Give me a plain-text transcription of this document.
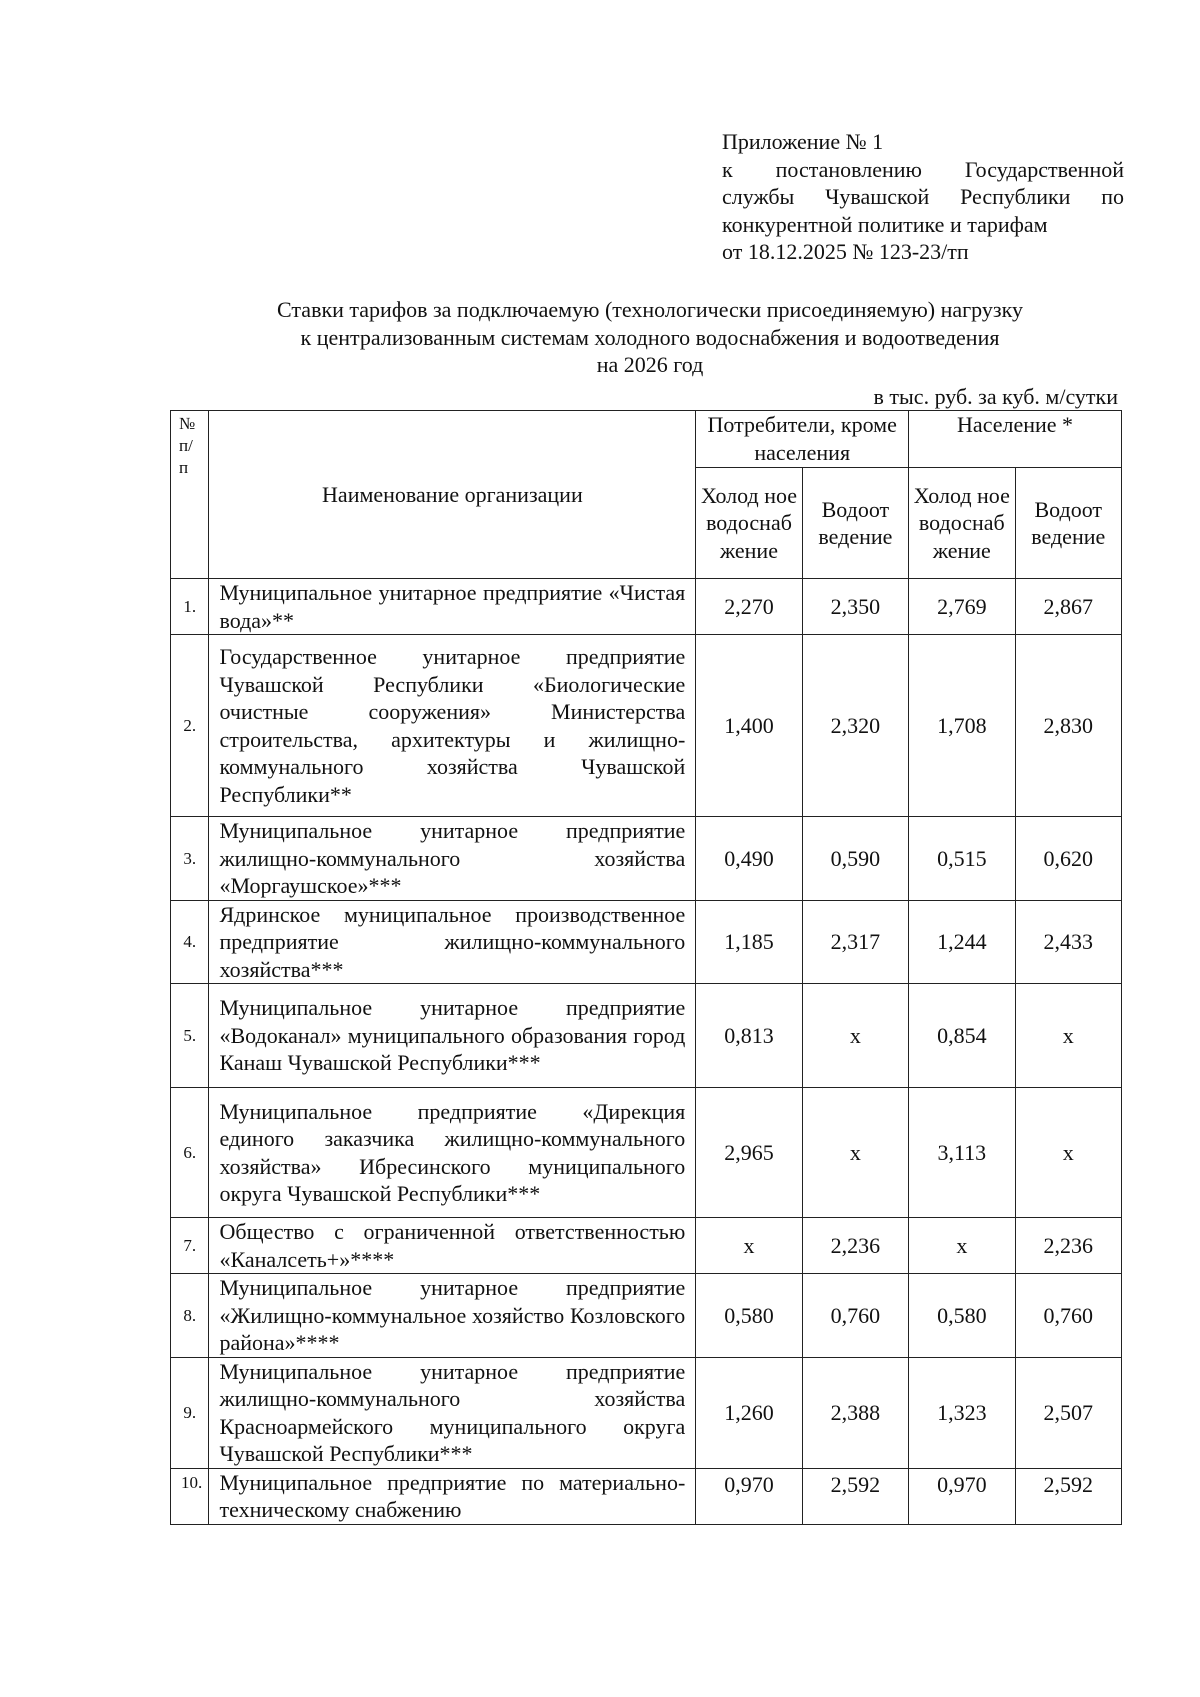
Приложение № 1
к постановлению Государственной службы Чувашской Республики по конкурентной политике и тарифам
от 18.12.2025 № 123-23/тп
Ставки тарифов за подключаемую (технологически присоединяемую) нагрузку
к централизованным системам холодного водоснабжения и водоотведения
на 2026 год
в тыс. руб. за куб. м/сутки
№ п/п	Наименование организации	Потребители, кроме населения		Население *	
		Холод ное водоснаб жение	Водоот ведение	Холод ное водоснаб жение	Водоот ведение
1.	Муниципальное унитарное предприятие «Чистая вода»**	2,270	2,350	2,769	2,867
2.	Государственное унитарное предприятие Чувашской Республики «Биологические очистные сооружения» Министерства строительства, архитектуры и жилищно-коммунального хозяйства Чувашской Республики**	1,400	2,320	1,708	2,830
3.	Муниципальное унитарное предприятие жилищно-коммунального хозяйства «Моргаушское»***	0,490	0,590	0,515	0,620
4.	Ядринское муниципальное производственное предприятие жилищно-коммунального хозяйства***	1,185	2,317	1,244	2,433
5.	Муниципальное унитарное предприятие «Водоканал» муниципального образования город Канаш Чувашской Республики***	0,813	х	0,854	х
6.	Муниципальное предприятие «Дирекция единого заказчика жилищно-коммунального хозяйства» Ибресинского муниципального округа Чувашской Республики***	2,965	х	3,113	х
7.	Общество с ограниченной ответственностью «Каналсеть+»****	х	2,236	х	2,236
8.	Муниципальное унитарное предприятие «Жилищно-коммунальное хозяйство Козловского района»****	0,580	0,760	0,580	0,760
9.	Муниципальное унитарное предприятие жилищно-коммунального хозяйства Красноармейского муниципального округа Чувашской Республики***	1,260	2,388	1,323	2,507
10.	Муниципальное предприятие по материально-техническому снабжению	0,970	2,592	0,970	2,592
